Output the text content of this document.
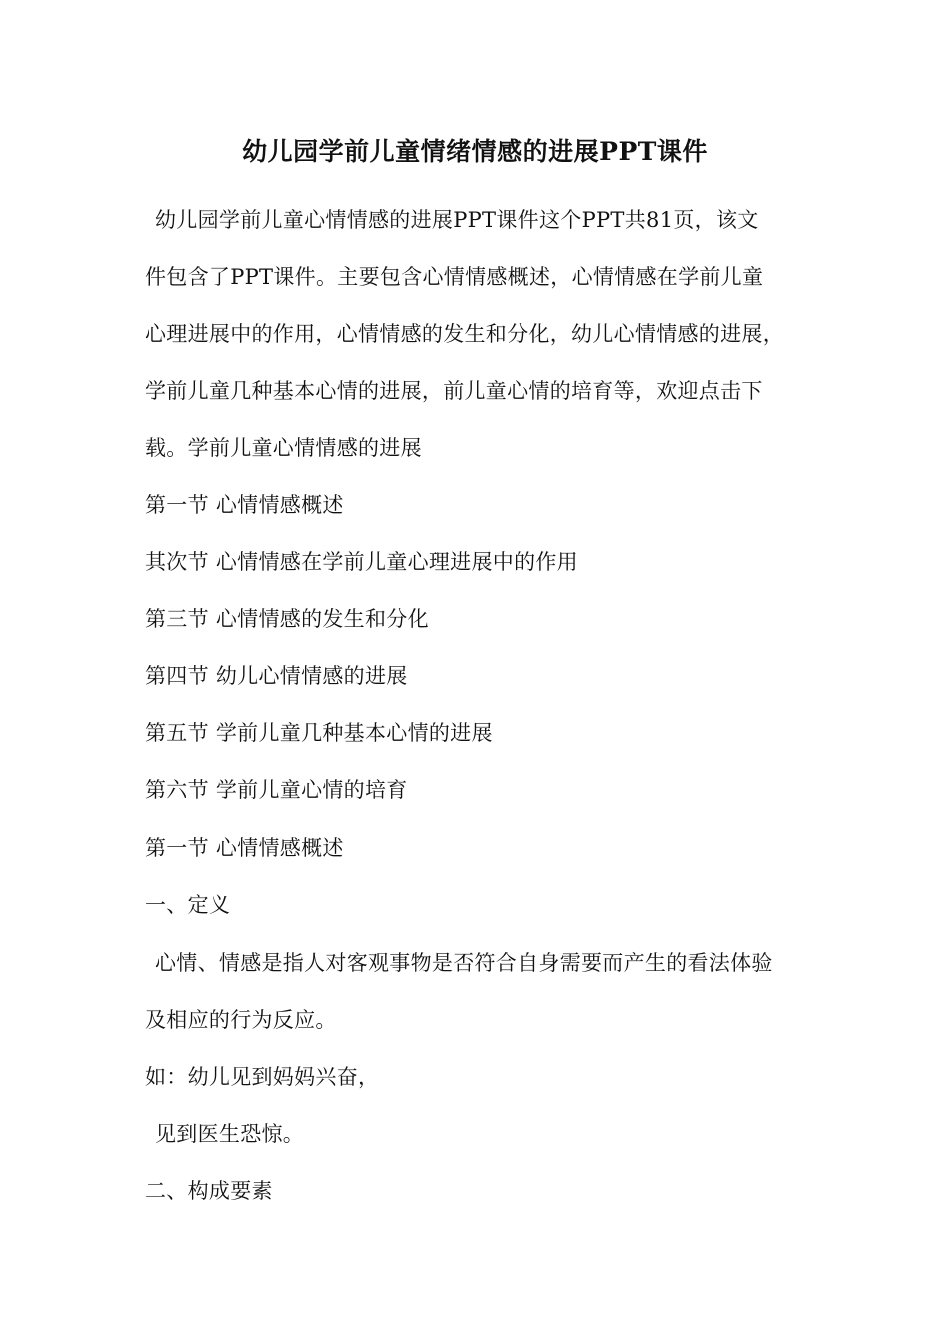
幼儿园学前儿童情绪情感的进展PPT课件
幼儿园学前儿童心情情感的进展PPT课件这个PPT共81页，该文
件包含了PPT课件。主要包含心情情感概述，心情情感在学前儿童
心理进展中的作用，心情情感的发生和分化，幼儿心情情感的进展，
学前儿童几种基本心情的进展，前儿童心情的培育等，欢迎点击下
载。学前儿童心情情感的进展
第一节 心情情感概述
其次节 心情情感在学前儿童心理进展中的作用
第三节 心情情感的发生和分化
第四节 幼儿心情情感的进展
第五节 学前儿童几种基本心情的进展
第六节 学前儿童心情的培育
第一节 心情情感概述
一、定义
心情、情感是指人对客观事物是否符合自身需要而产生的看法体验
及相应的行为反应。
如：幼儿见到妈妈兴奋，
见到医生恐惊。
二、构成要素
